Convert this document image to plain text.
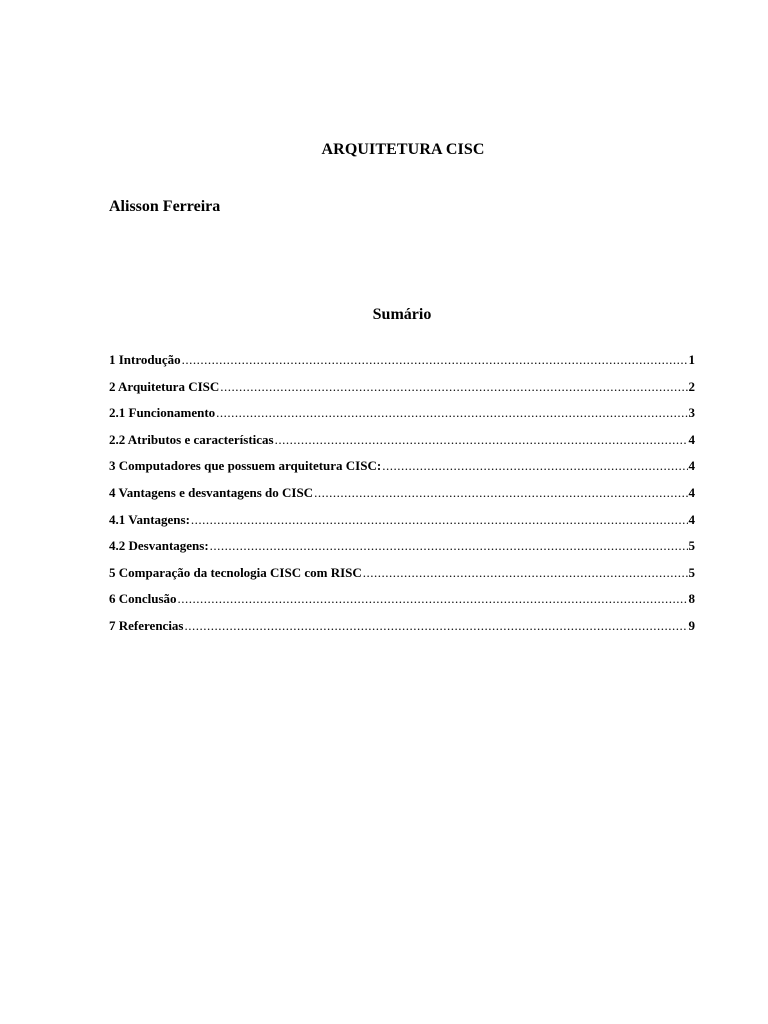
ARQUITETURA CISC
Alisson Ferreira
Sumário
1 Introdução .....	1
2 Arquitetura CISC .....	2
2.1 Funcionamento .....	3
2.2 Atributos e características .....	4
3 Computadores que possuem arquitetura CISC: .....	4
4 Vantagens e desvantagens do CISC .....	4
4.1 Vantagens: .....	4
4.2 Desvantagens: .....	5
5 Comparação da tecnologia CISC com RISC .....	5
6 Conclusão .....	8
7 Referencias .....	9
